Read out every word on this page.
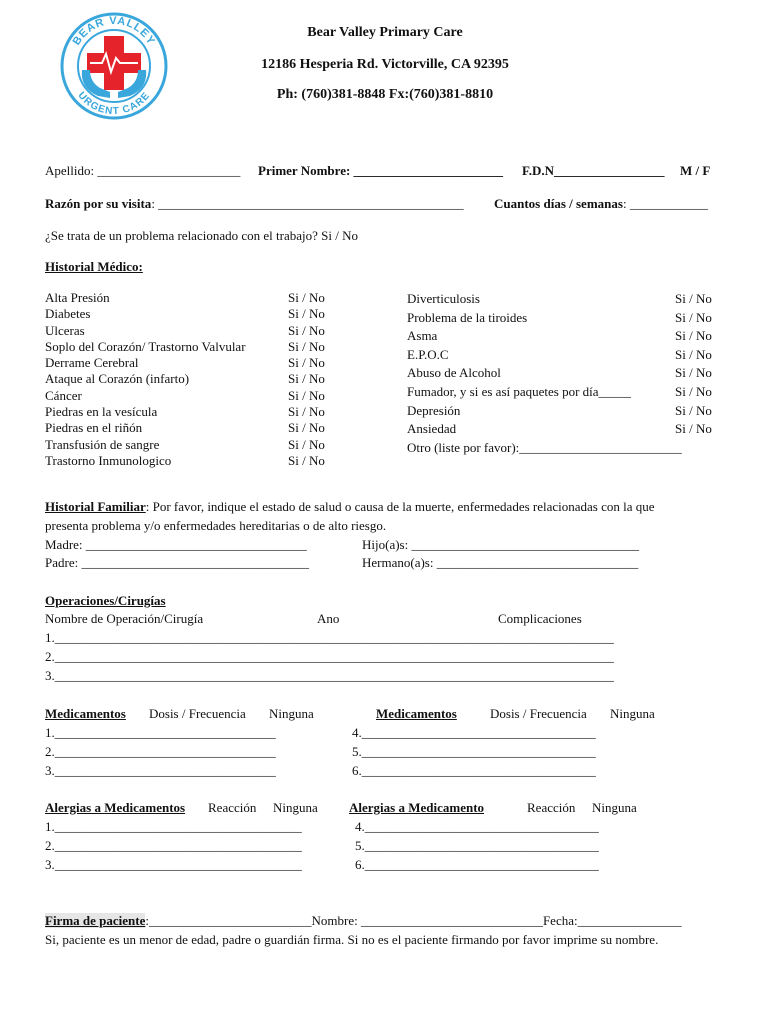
BEAR VALLEY
URGENT CARE
Bear Valley Primary Care
12186 Hesperia Rd. Victorville, CA 92395
Ph: (760)381-8848 Fx:(760)381-8810
Apellido: ______________________ Primer Nombre: _______________________ F.D.N_________________ M / F
Razón por su visita: _______________________________________________ Cuantos días / semanas: ____________
¿Se trata de un problema relacionado con el trabajo? Si / No
Historial Médico:
Alta Presión	Si / No
Diabetes	Si / No
Ulceras	Si / No
Soplo del Corazón/ Trastorno Valvular	Si / No
Derrame Cerebral	Si / No
Ataque al Corazón (infarto)	Si / No
Cáncer	Si / No
Piedras en la vesícula	Si / No
Piedras en el riñón	Si / No
Transfusión de sangre	Si / No
Trastorno Inmunologico	Si / No
Diverticulosis	Si / No
Problema de la tiroides	Si / No
Asma	Si / No
E.P.O.C	Si / No
Abuso de Alcohol	Si / No
Fumador, y si es así paquetes por día_____	Si / No
Depresión	Si / No
Ansiedad	Si / No
Otro (liste por favor):_________________________
Historial Familiar: Por favor, indique el estado de salud o causa de la muerte, enfermedades relacionadas con la que
presenta problema y/o enfermedades hereditarias o de alto riesgo.
Madre: __________________________________	Hijo(a)s: ___________________________________
Padre: ___________________________________	Hermano(a)s: _______________________________
Operaciones/Cirugías
Nombre de Operación/Cirugía	Ano	Complicaciones
1.______________________________________________________________________________________
2.______________________________________________________________________________________
3.______________________________________________________________________________________
Medicamentos Dosis / Frecuencia Ninguna	Medicamentos	Dosis / Frecuencia Ninguna
1.__________________________________
2.__________________________________
3.__________________________________
4.____________________________________
5.____________________________________
6.____________________________________
Alergias a Medicamentos Reacción Ninguna Alergias a Medicamento	Reacción Ninguna
1.______________________________________
2.______________________________________
3.______________________________________
4.____________________________________
5.____________________________________
6.____________________________________
Firma de paciente:_________________________Nombre: ____________________________Fecha:________________
Si, paciente es un menor de edad, padre o guardián firma. Si no es el paciente firmando por favor imprime su nombre.
